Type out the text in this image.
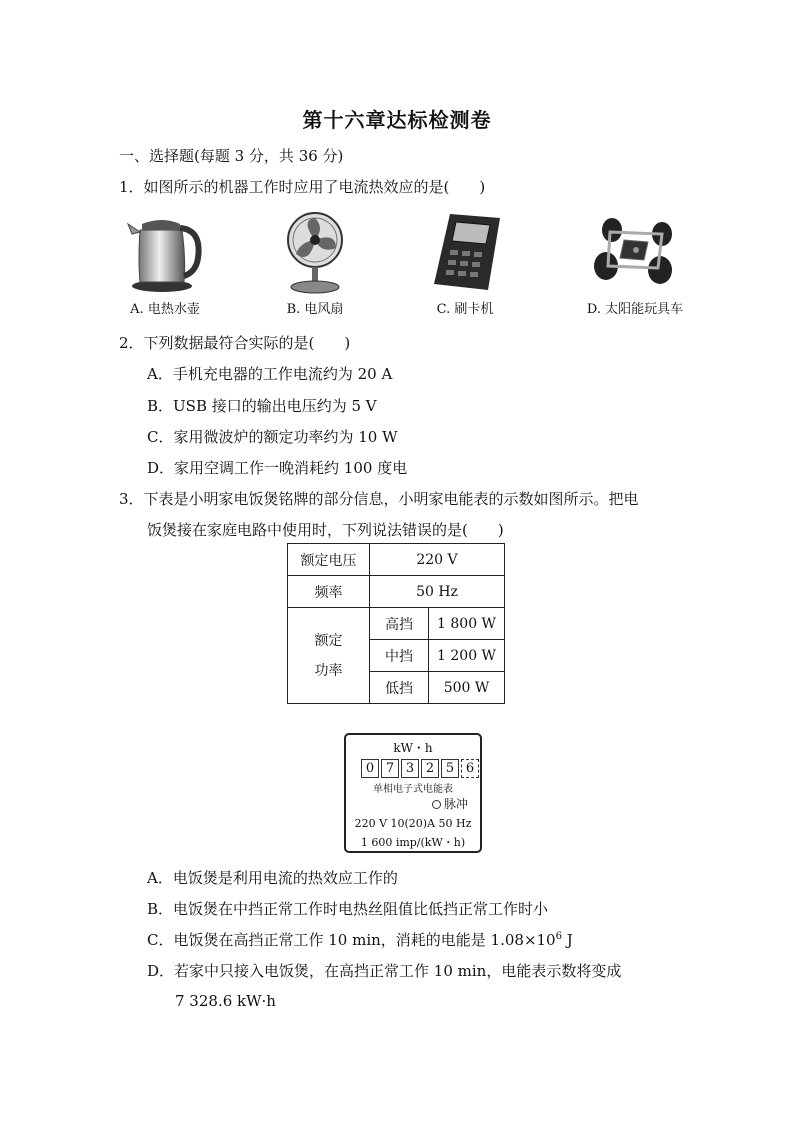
第十六章达标检测卷
一、选择题(每题 3 分，共 36 分)
1．如图所示的机器工作时应用了电流热效应的是(　　)
A. 电热水壶	B. 电风扇	C. 刷卡机	D. 太阳能玩具车
2．下列数据最符合实际的是(　　)
A．手机充电器的工作电流约为 20 A
B．USB 接口的输出电压约为 5 V
C．家用微波炉的额定功率约为 10 W
D．家用空调工作一晚消耗约 100 度电
3．下表是小明家电饭煲铭牌的部分信息，小明家电能表的示数如图所示。把电
饭煲接在家庭电路中使用时，下列说法错误的是(　　)
额定电压	220 V	
频率	50 Hz	

额定
功率	高挡	1 800 W
	中挡	1 200 W
	低挡	500 W
kW・h
0 7 3 2 5 6
单相电子式电能表
脉冲
220 V 10(20)A 50 Hz
1 600 imp/(kW・h)
A．电饭煲是利用电流的热效应工作的
B．电饭煲在中挡正常工作时电热丝阻值比低挡正常工作时小
C．电饭煲在高挡正常工作 10 min，消耗的电能是 $1.08\times 10^6$ J
D．若家中只接入电饭煲，在高挡正常工作 10 min，电能表示数将变成
7 328.6 kW·h
